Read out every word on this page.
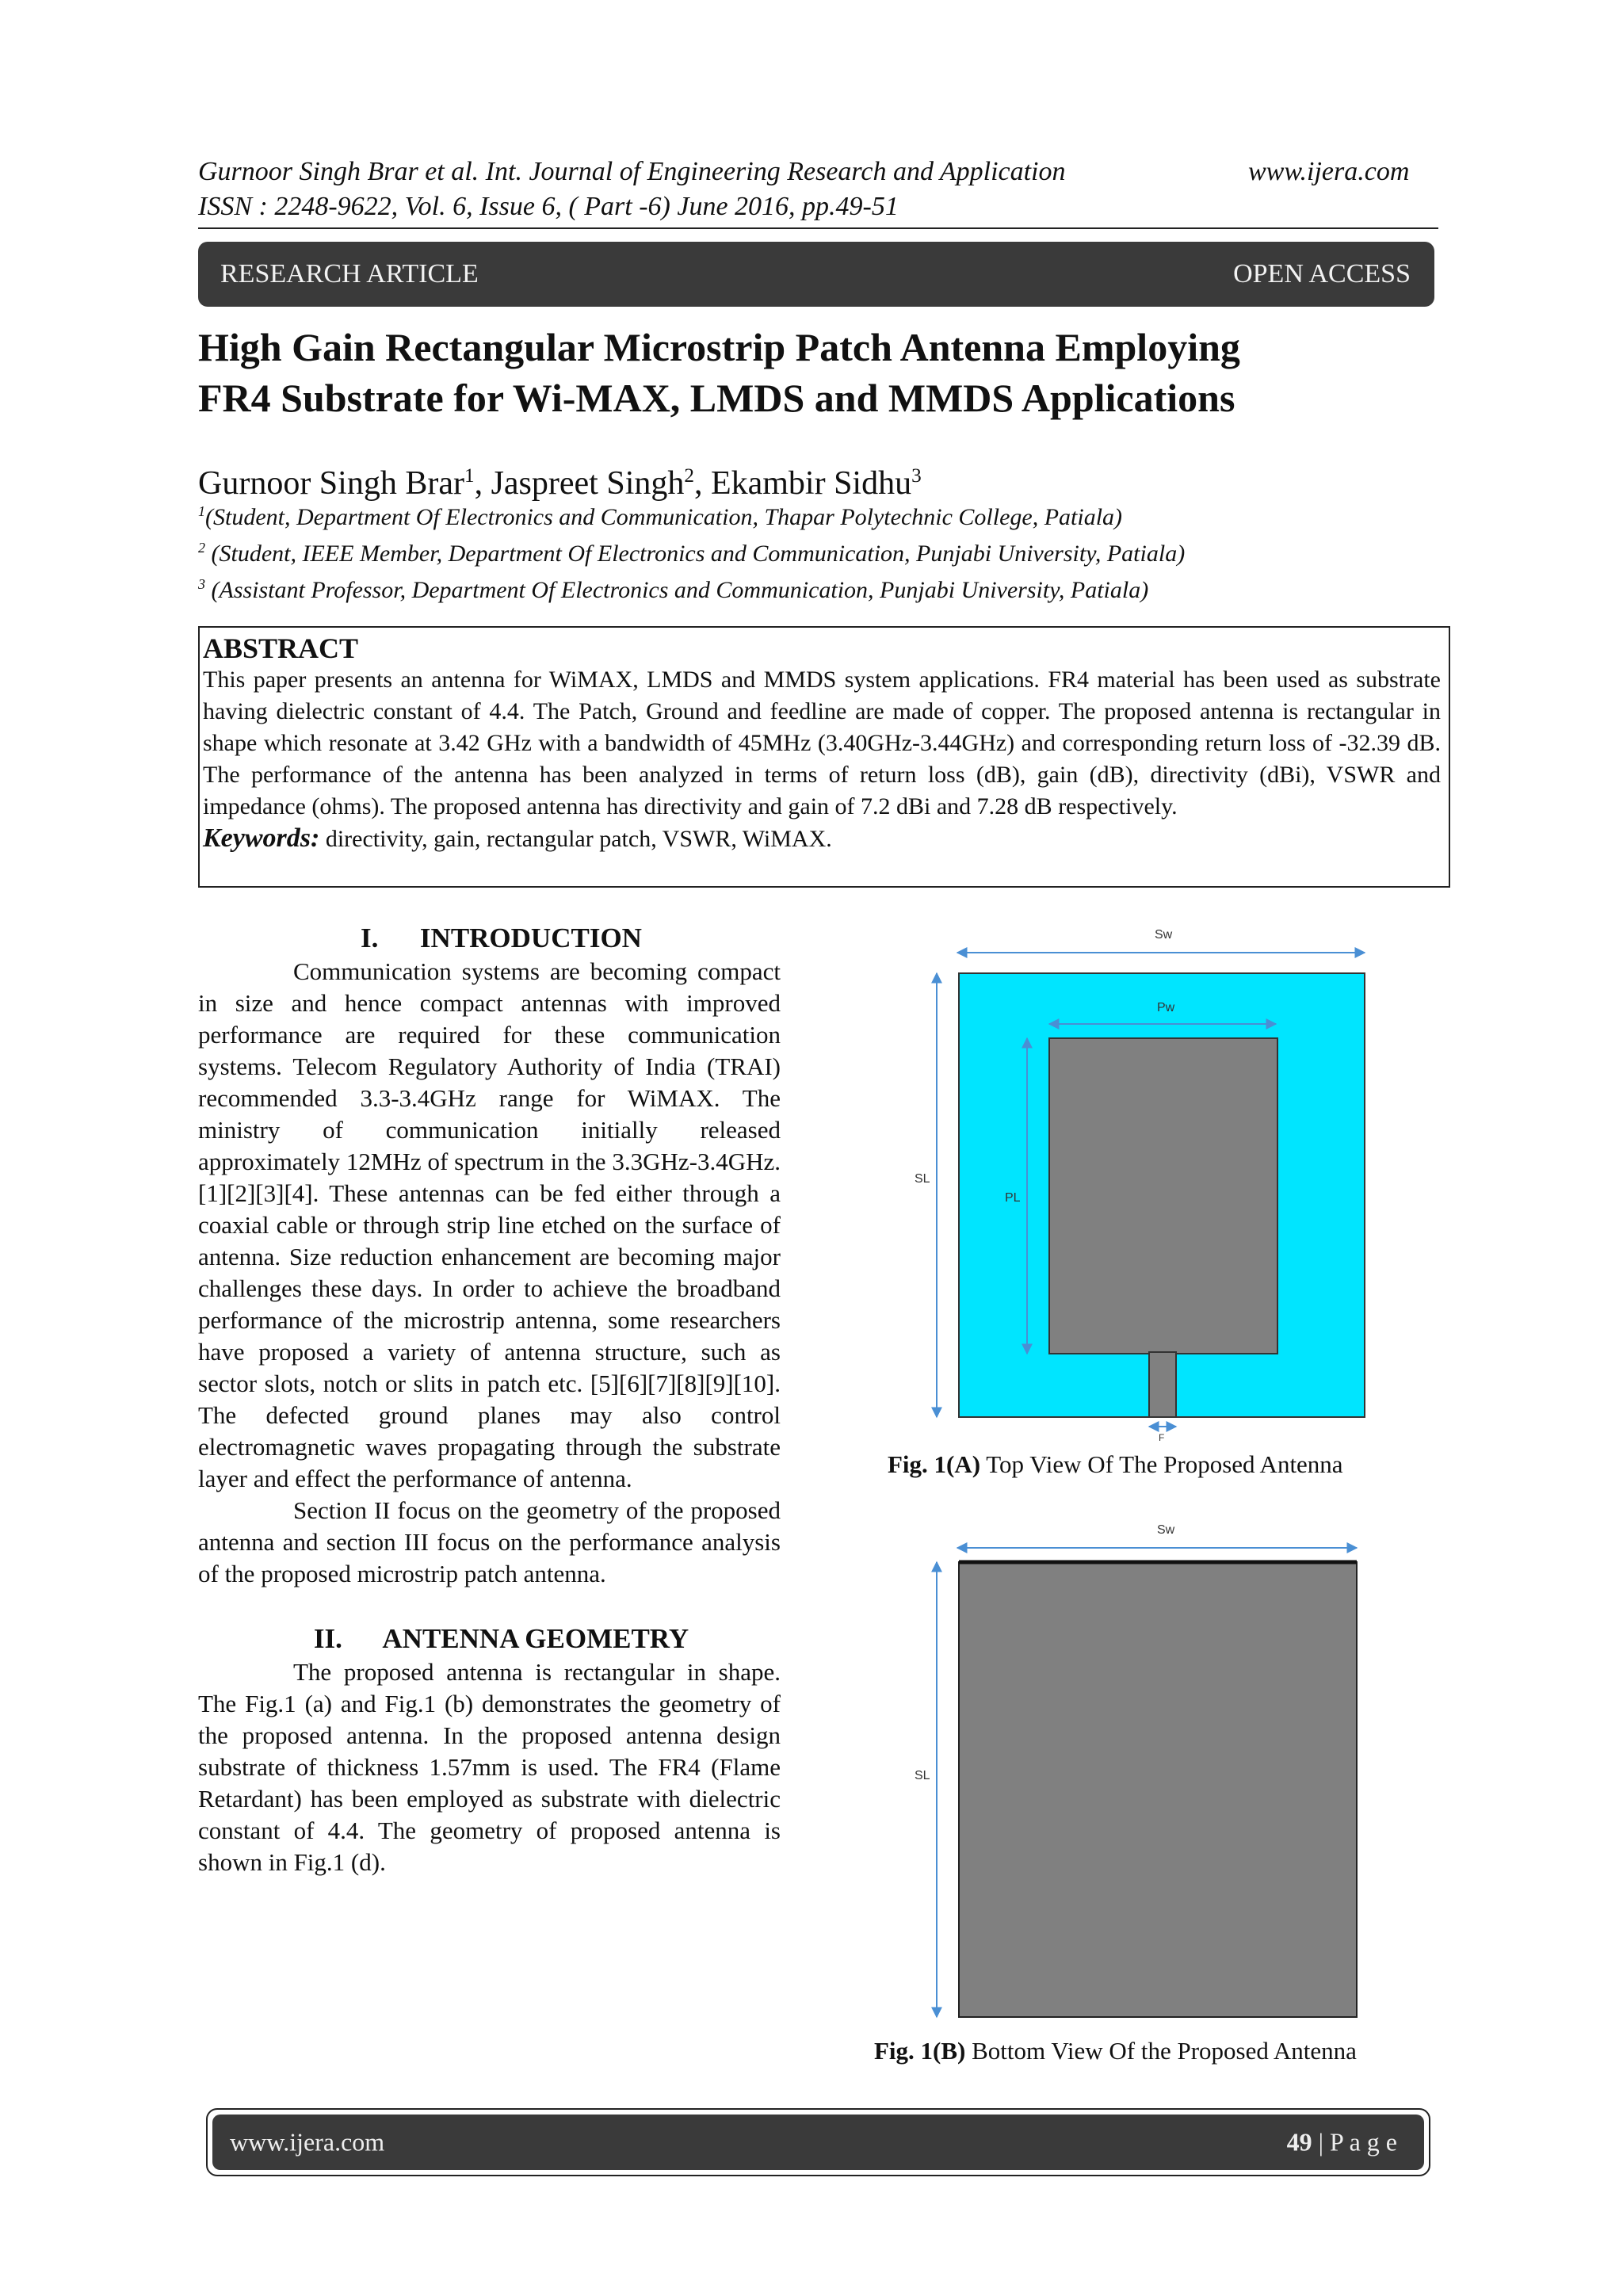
Gurnoor Singh Brar et al. Int. Journal of Engineering Research and Application	www.ijera.com
ISSN : 2248-9622, Vol. 6, Issue 6, ( Part -6) June 2016, pp.49-51
RESEARCH ARTICLE	OPEN ACCESS
High Gain Rectangular Microstrip Patch Antenna Employing
FR4 Substrate for Wi-MAX, LMDS and MMDS Applications
Gurnoor Singh Brar$^1$, Jaspreet Singh$^2$, Ekambir Sidhu$^3$
$^1$(Student, Department Of Electronics and Communication, Thapar Polytechnic College, Patiala)
$^2$ (Student, IEEE Member, Department Of Electronics and Communication, Punjabi University, Patiala)
$^3$ (Assistant Professor, Department Of Electronics and Communication, Punjabi University, Patiala)
ABSTRACT
This paper presents an antenna for WiMAX, LMDS and MMDS system applications. FR4 material has been used as substrate having dielectric constant of 4.4. The Patch, Ground and feedline are made of copper. The proposed antenna is rectangular in shape which resonate at 3.42 GHz with a bandwidth of 45MHz (3.40GHz-3.44GHz) and corresponding return loss of -32.39 dB. The performance of the antenna has been analyzed in terms of return loss (dB), gain (dB), directivity (dBi), VSWR and impedance (ohms). The proposed antenna has directivity and gain of 7.2 dBi and 7.28 dB respectively.
Keywords: directivity, gain, rectangular patch, VSWR, WiMAX.
I.      INTRODUCTION
Communication systems are becoming compact in size and hence compact antennas with improved performance are required for these communication systems. Telecom Regulatory Authority of India (TRAI) recommended 3.3-3.4GHz range for WiMAX. The ministry of communication initially released approximately 12MHz of spectrum in the 3.3GHz-3.4GHz. [1][2][3][4]. These antennas can be fed either through a coaxial cable or through strip line etched on the surface of antenna. Size reduction enhancement are becoming major challenges these days. In order to achieve the broadband performance of the microstrip antenna, some researchers have proposed a variety of antenna structure, such as sector slots, notch or slits in patch etc. [5][6][7][8][9][10]. The defected ground planes may also control electromagnetic waves propagating through the substrate layer and effect the performance of antenna.
Section II focus on the geometry of the proposed antenna and section III focus on the performance analysis of the proposed microstrip patch antenna.
II.      ANTENNA GEOMETRY
The proposed antenna is rectangular in shape. The Fig.1 (a) and Fig.1 (b) demonstrates the geometry of the proposed antenna. In the proposed antenna design substrate of thickness 1.57mm is used. The FR4 (Flame Retardant) has been employed as substrate with dielectric constant of 4.4. The geometry of proposed antenna is shown in Fig.1 (d).
Sw
Pw
SL
PL
F
Fig. 1(A) Top View Of The Proposed Antenna
Sw
SL
Fig. 1(B) Bottom View Of the Proposed Antenna
www.ijera.com	49 | P a g e
